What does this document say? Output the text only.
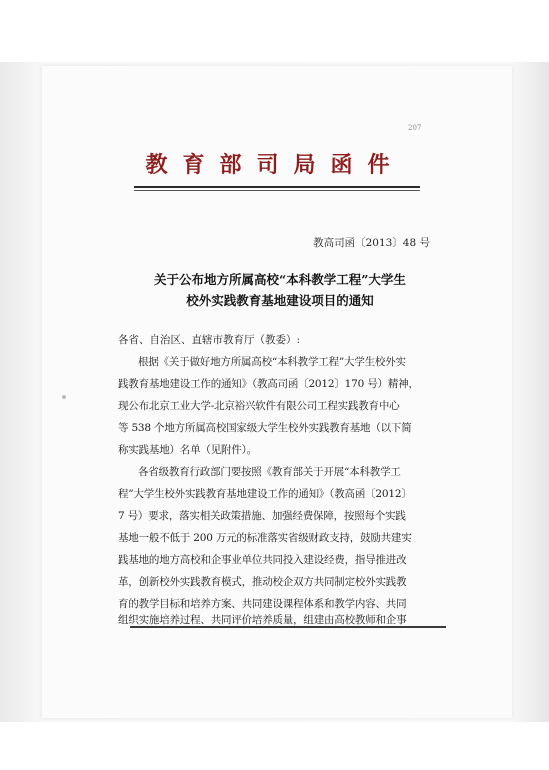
207
教育部司局函件
教高司函〔2013〕48 号
关于公布地方所属高校“本科教学工程”大学生
校外实践教育基地建设项目的通知
各省、自治区、直辖市教育厅（教委）:
根据《关于做好地方所属高校“本科教学工程”大学生校外实
践教育基地建设工作的通知》（教高司函〔2012〕170 号）精神，
现公布北京工业大学-北京裕兴软件有限公司工程实践教育中心
等 538 个地方所属高校国家级大学生校外实践教育基地（以下简
称实践基地）名单（见附件）。
各省级教育行政部门要按照《教育部关于开展“本科教学工
程”大学生校外实践教育基地建设工作的通知》（教高函〔2012〕
7 号）要求，落实相关政策措施、加强经费保障，按照每个实践
基地一般不低于 200 万元的标准落实省级财政支持，鼓励共建实
践基地的地方高校和企事业单位共同投入建设经费，指导推进改
革，创新校外实践教育模式，推动校企双方共同制定校外实践教
育的教学目标和培养方案、共同建设课程体系和教学内容、共同
组织实施培养过程、共同评价培养质量，组建由高校教师和企事
